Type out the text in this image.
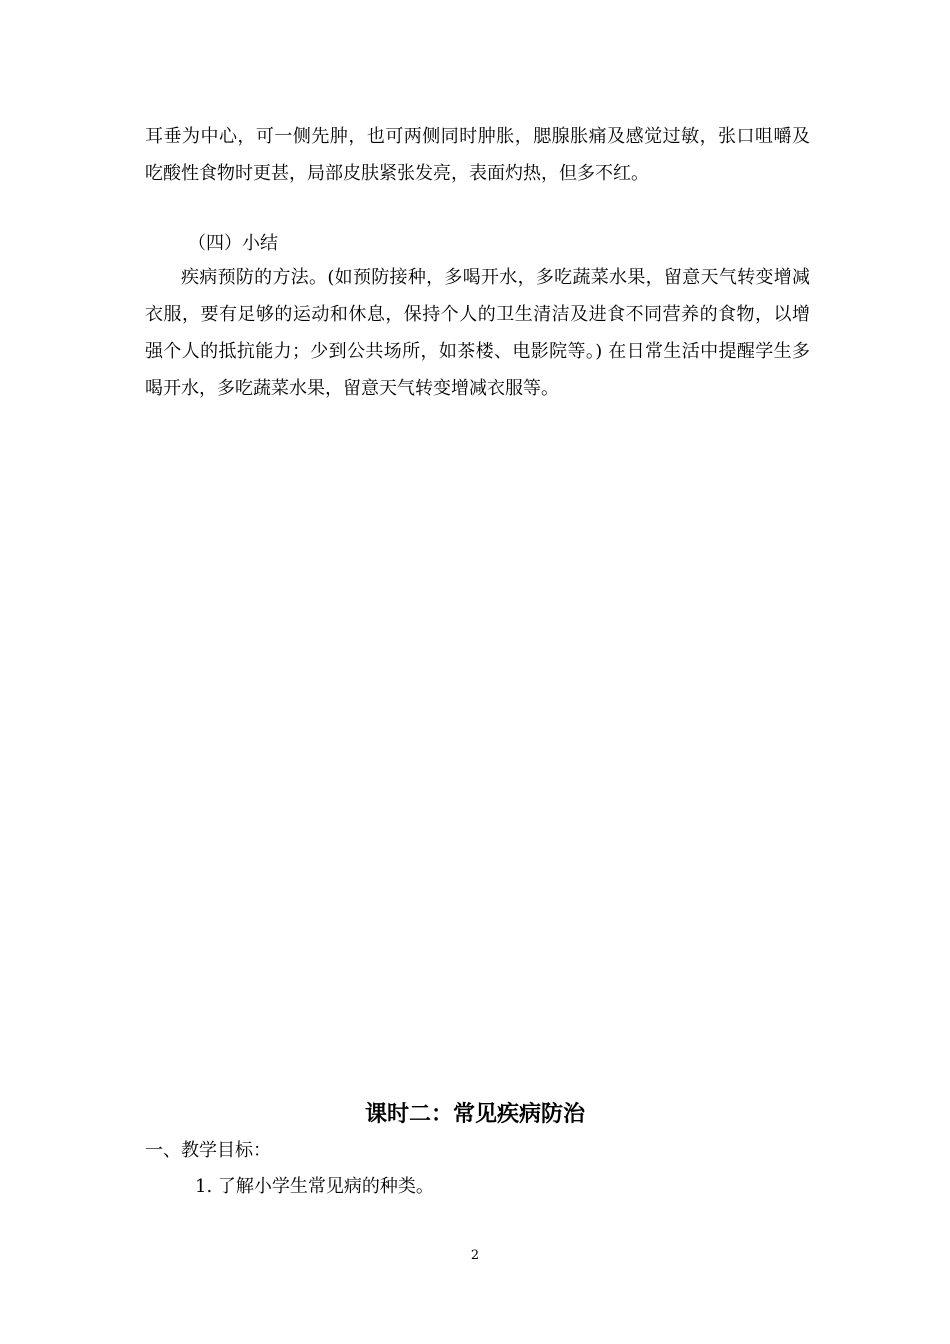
耳垂为中心，可一侧先肿，也可两侧同时肿胀，腮腺胀痛及感觉过敏，张口咀嚼及吃酸性食物时更甚，局部皮肤紧张发亮，表面灼热，但多不红。

（四）小结

疾病预防的方法。(如预防接种，多喝开水，多吃蔬菜水果，留意天气转变增减衣服，要有足够的运动和休息，保持个人的卫生清洁及进食不同营养的食物，以增强个人的抵抗能力；少到公共场所，如茶楼、电影院等。) 在日常生活中提醒学生多喝开水，多吃蔬菜水果，留意天气转变增减衣服等。

课时二：常见疾病防治

一、教学目标：

1. 了解小学生常见病的种类。

2
